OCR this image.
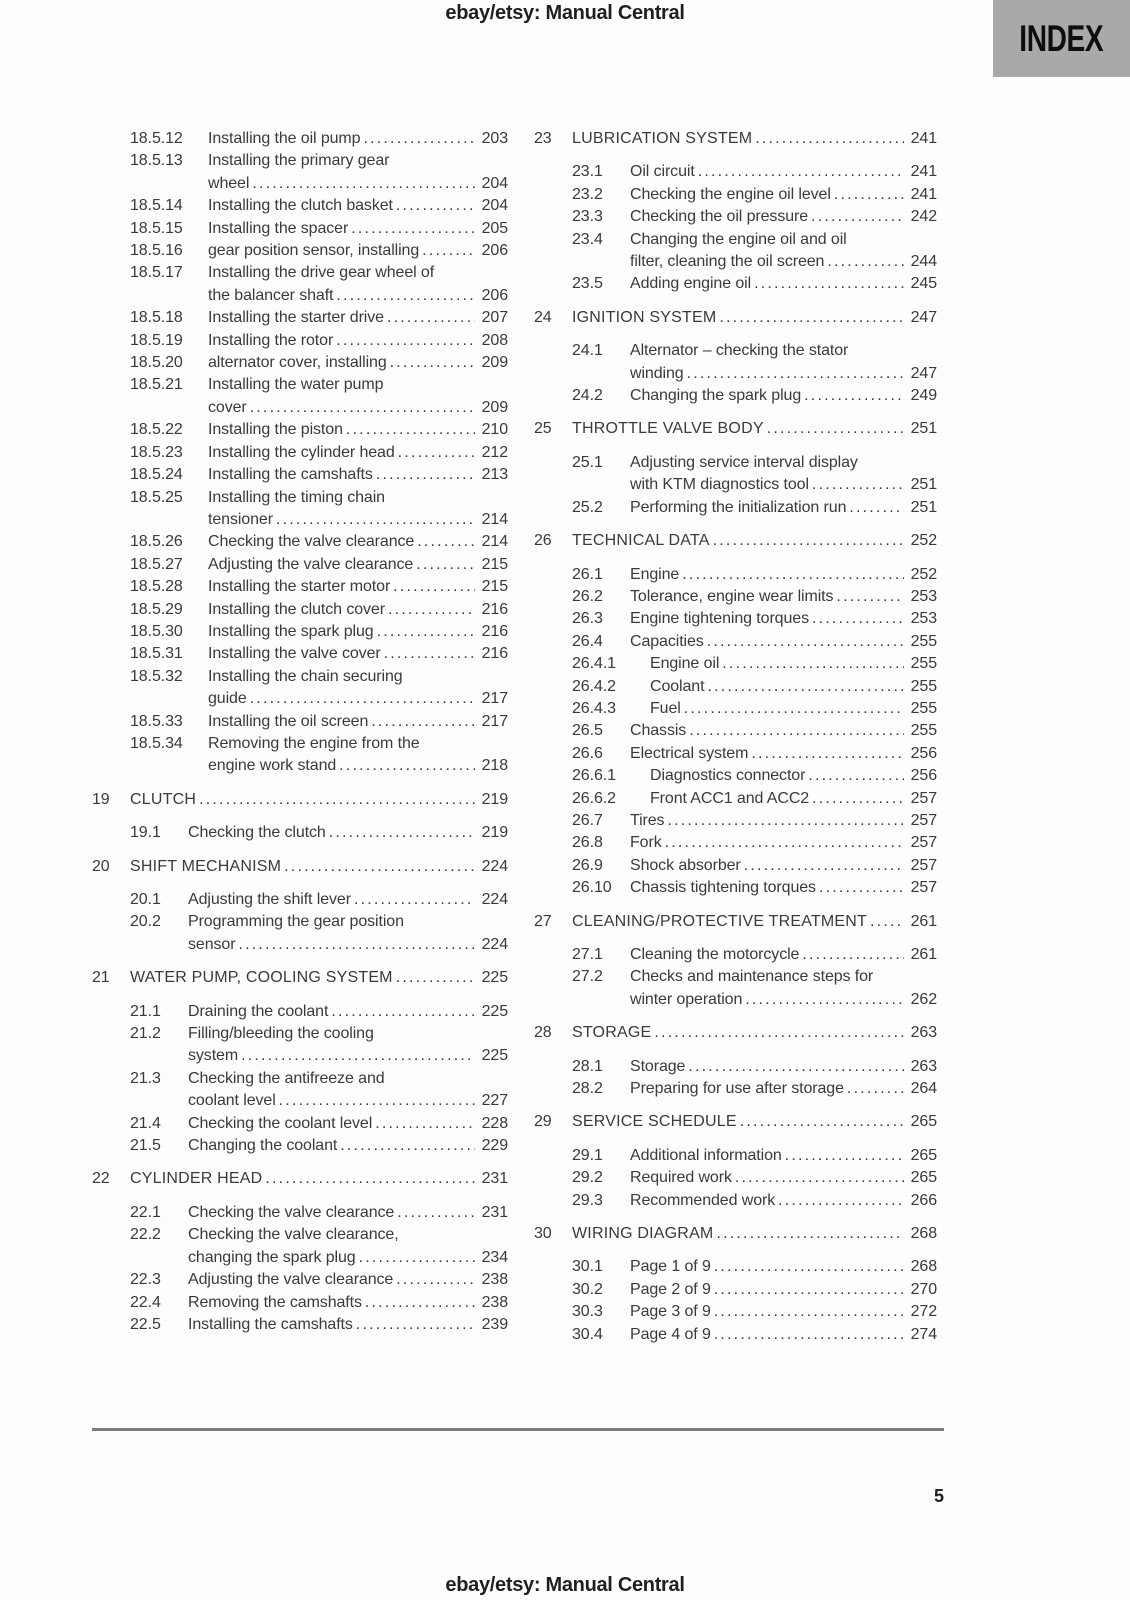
ebay/etsy: Manual Central
INDEX
18.5.12	Installing the oil pump .....	203
18.5.13	Installing the primary gear
wheel .....	204
18.5.14	Installing the clutch basket .....	204
18.5.15	Installing the spacer .....	205
18.5.16	gear position sensor, installing .....	206
18.5.17	Installing the drive gear wheel of
the balancer shaft .....	206
18.5.18	Installing the starter drive .....	207
18.5.19	Installing the rotor .....	208
18.5.20	alternator cover, installing .....	209
18.5.21	Installing the water pump
cover .....	209
18.5.22	Installing the piston .....	210
18.5.23	Installing the cylinder head .....	212
18.5.24	Installing the camshafts .....	213
18.5.25	Installing the timing chain
tensioner .....	214
18.5.26	Checking the valve clearance .....	214
18.5.27	Adjusting the valve clearance .....	215
18.5.28	Installing the starter motor .....	215
18.5.29	Installing the clutch cover .....	216
18.5.30	Installing the spark plug .....	216
18.5.31	Installing the valve cover .....	216
18.5.32	Installing the chain securing
guide .....	217
18.5.33	Installing the oil screen .....	217
18.5.34	Removing the engine from the
engine work stand .....	218
19	CLUTCH .....	219
19.1	Checking the clutch .....	219
20	SHIFT MECHANISM .....	224
20.1	Adjusting the shift lever .....	224
20.2	Programming the gear position
sensor .....	224
21	WATER PUMP, COOLING SYSTEM .....	225
21.1	Draining the coolant .....	225
21.2	Filling/bleeding the cooling
system .....	225
21.3	Checking the antifreeze and
coolant level .....	227
21.4	Checking the coolant level .....	228
21.5	Changing the coolant .....	229
22	CYLINDER HEAD .....	231
22.1	Checking the valve clearance .....	231
22.2	Checking the valve clearance,
changing the spark plug .....	234
22.3	Adjusting the valve clearance .....	238
22.4	Removing the camshafts .....	238
22.5	Installing the camshafts .....	239
23	LUBRICATION SYSTEM .....	241
23.1	Oil circuit .....	241
23.2	Checking the engine oil level .....	241
23.3	Checking the oil pressure .....	242
23.4	Changing the engine oil and oil
filter, cleaning the oil screen .....	244
23.5	Adding engine oil .....	245
24	IGNITION SYSTEM .....	247
24.1	Alternator – checking the stator
winding .....	247
24.2	Changing the spark plug .....	249
25	THROTTLE VALVE BODY .....	251
25.1	Adjusting service interval display
with KTM diagnostics tool .....	251
25.2	Performing the initialization run .....	251
26	TECHNICAL DATA .....	252
26.1	Engine .....	252
26.2	Tolerance, engine wear limits .....	253
26.3	Engine tightening torques .....	253
26.4	Capacities .....	255
26.4.1	Engine oil .....	255
26.4.2	Coolant .....	255
26.4.3	Fuel .....	255
26.5	Chassis .....	255
26.6	Electrical system .....	256
26.6.1	Diagnostics connector .....	256
26.6.2	Front ACC1 and ACC2 .....	257
26.7	Tires .....	257
26.8	Fork .....	257
26.9	Shock absorber .....	257
26.10	Chassis tightening torques .....	257
27	CLEANING/PROTECTIVE TREATMENT .....	261
27.1	Cleaning the motorcycle .....	261
27.2	Checks and maintenance steps for
winter operation .....	262
28	STORAGE .....	263
28.1	Storage .....	263
28.2	Preparing for use after storage .....	264
29	SERVICE SCHEDULE .....	265
29.1	Additional information .....	265
29.2	Required work .....	265
29.3	Recommended work .....	266
30	WIRING DIAGRAM .....	268
30.1	Page 1 of 9 .....	268
30.2	Page 2 of 9 .....	270
30.3	Page 3 of 9 .....	272
30.4	Page 4 of 9 .....	274
5
ebay/etsy: Manual Central
